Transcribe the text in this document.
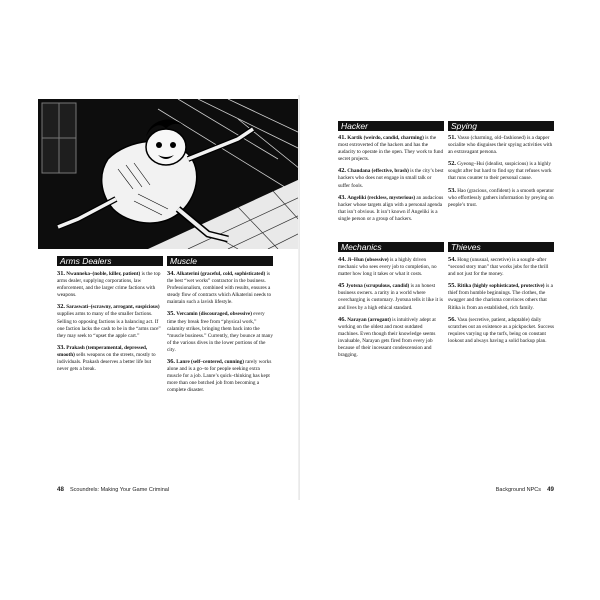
Arms Dealers

31. Nwanneka–(noble, killer, patient) is the top arms dealer, supplying corporations, law enforcement, and the larger crime factions with weapons.

32. Saraswati–(scrawny, arrogant, suspicious) supplies arms to many of the smaller factions. Selling to opposing factions is a balancing act. If one faction lacks the cash to be in the “arms race” they may seek to “upset the apple cart.”

33. Prakash (temperamental, depressed, smooth) sells weapons on the streets, mostly to individuals. Prakash deserves a better life but never gets a break.

Muscle

34. Alkaterini (graceful, cold, sophisticated) is the best “wet works” contractor in the business. Professionalism, combined with results, ensures a steady flow of contracts which Alkaterini needs to maintain such a lavish lifestyle.

35. Vercamin (discouraged, obsessive) every time they break free from “physical work,” calamity strikes, bringing them back into the “muscle business.” Currently, they bounce at many of the various dives in the lower portions of the city.

36. Lanre (self–centered, cunning) rarely works alone and is a go–to for people seeking extra muscle for a job. Lanre’s quick–thinking has kept more than one botched job from becoming a complete disaster.

48 Scoundrels: Making Your Game Criminal
Hacker

41. Kartik (weirdo, candid, charming) is the most extroverted of the hackers and has the audacity to operate in the open. They work to fund secret projects.

42. Chandana (effective, brash) is the city’s best hackers who does not engage in small talk or suffer fools.

43. Angeliki (reckless, mysterious) an audacious hacker whose targets align with a personal agenda that isn’t obvious. It isn’t known if Angeliki is a single person or a group of hackers.

Spying

51. Vasso (charming, old–fashioned) is a dapper socialite who disguises their spying activities with an extravagant persona.

52. Gyeong–Hui (idealist, suspicious) is a highly sought after but hard to find spy that refuses work that runs counter to their personal cause.

53. Hao (gracious, confident) is a smooth operator who effortlessly gathers information by preying on people’s trust.

Mechanics

44. Ji–Hun (obsessive) is a highly driven mechanic who sees every job to completion, no matter how long it takes or what it costs.

45 Jyotsna (scrupulous, candid) is an honest business owners. a rarity in a world where overcharging is customary. Jyotsna tells it like it is and lives by a high ethical standard.

46. Narayan (arrogant) is intuitively adept at working on the oldest and most outdated machines. Even though their knowledge seems invaluable, Narayan gets fired from every job because of their incessant condescension and bragging.

Thieves

54. Hong (unusual, secretive) is a sought–after “second story man” that works jobs for the thrill and not just for the money.

55. Ritika (highly sophisticated, protective) is a thief from humble beginnings. The clothes, the swagger and the charisma convinces others that Ritika is from an established, rich family.

56. Vasu (secretive, patient, adaptable) daily scratches out an existence as a pickpocket. Success requires varying up the turfs, being on constant lookout and always having a solid backup plan.

Background NPCs 49
